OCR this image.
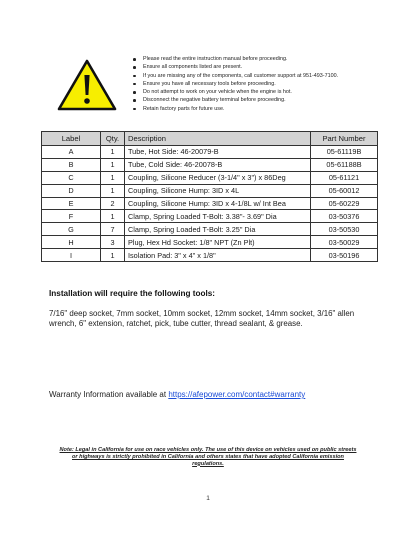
Please read the entire instruction manual before proceeding.
Ensure all components listed are present.
If you are missing any of the components, call customer support at 951-493-7100.
Ensure you have all necessary tools before proceeding.
Do not attempt to work on your vehicle when the engine is hot.
Disconnect the negative battery terminal before proceeding.
Retain factory parts for future use.
Label	Qty.	Description	Part Number
A	1	Tube, Hot Side: 46-20079-B	05-61119B
B	1	Tube, Cold Side: 46-20078-B	05-61188B
C	1	Coupling, Silicone Reducer (3-1/4" x 3") x 86Deg	05-61121
D	1	Coupling, Silicone Hump: 3ID x 4L	05-60012
E	2	Coupling, Silicone Hump: 3ID x 4-1/8L w/ Int Bea	05-60229
F	1	Clamp, Spring Loaded T-Bolt: 3.38"- 3.69" Dia	03-50376
G	7	Clamp, Spring Loaded T-Bolt: 3.25" Dia	03-50530
H	3	Plug, Hex Hd Socket: 1/8" NPT (Zn Plt)	03-50029
I	1	Isolation Pad: 3" x 4" x 1/8"	03-50196
Installation will require the following tools:
7/16" deep socket, 7mm socket, 10mm socket, 12mm socket, 14mm socket, 3/16" allen wrench, 6" extension, ratchet, pick, tube cutter, thread sealant, & grease.
Warranty Information available at https://afepower.com/contact#warranty
Note: Legal in California for use on race vehicles only. The use of this device on vehicles used on public streets or highways is strictly prohibited in California and others states that have adopted California emission regulations.
1
